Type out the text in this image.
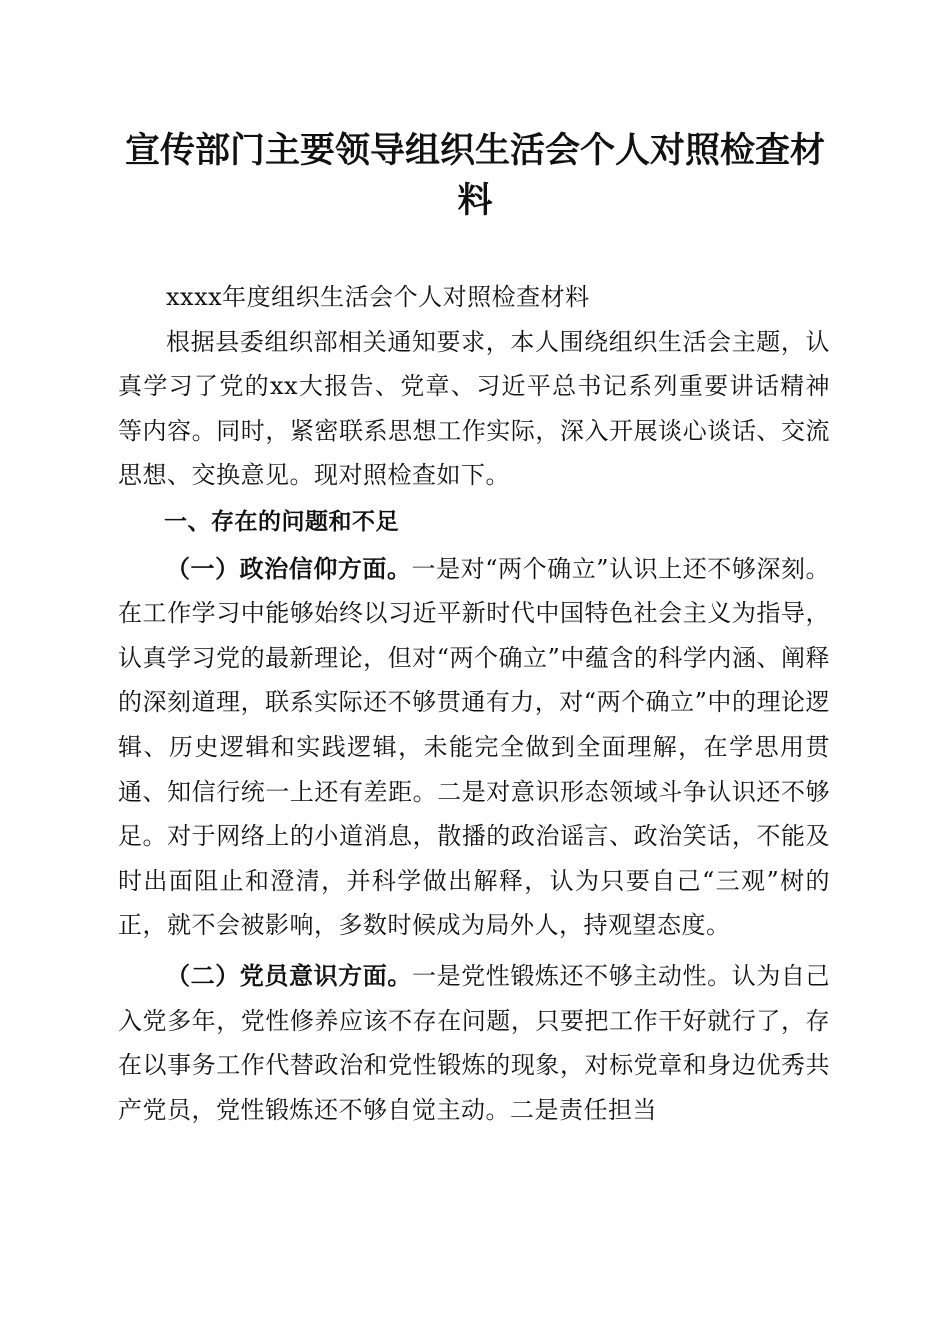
宣传部门主要领导组织生活会个人对照检查材料

xxxx年度组织生活会个人对照检查材料

根据县委组织部相关通知要求，本人围绕组织生活会主题，认真学习了党的xx大报告、党章、习近平总书记系列重要讲话精神等内容。同时，紧密联系思想工作实际，深入开展谈心谈话、交流思想、交换意见。现对照检查如下。

一、存在的问题和不足

（一）政治信仰方面。一是对“两个确立”认识上还不够深刻。在工作学习中能够始终以习近平新时代中国特色社会主义为指导，认真学习党的最新理论，但对“两个确立”中蕴含的科学内涵、阐释的深刻道理，联系实际还不够贯通有力，对“两个确立”中的理论逻辑、历史逻辑和实践逻辑，未能完全做到全面理解，在学思用贯通、知信行统一上还有差距。二是对意识形态领域斗争认识还不够足。对于网络上的小道消息，散播的政治谣言、政治笑话，不能及时出面阻止和澄清，并科学做出解释，认为只要自己“三观”树的正，就不会被影响，多数时候成为局外人，持观望态度。

（二）党员意识方面。一是党性锻炼还不够主动性。认为自己入党多年，党性修养应该不存在问题，只要把工作干好就行了，存在以事务工作代替政治和党性锻炼的现象，对标党章和身边优秀共产党员，党性锻炼还不够自觉主动。二是责任担当
